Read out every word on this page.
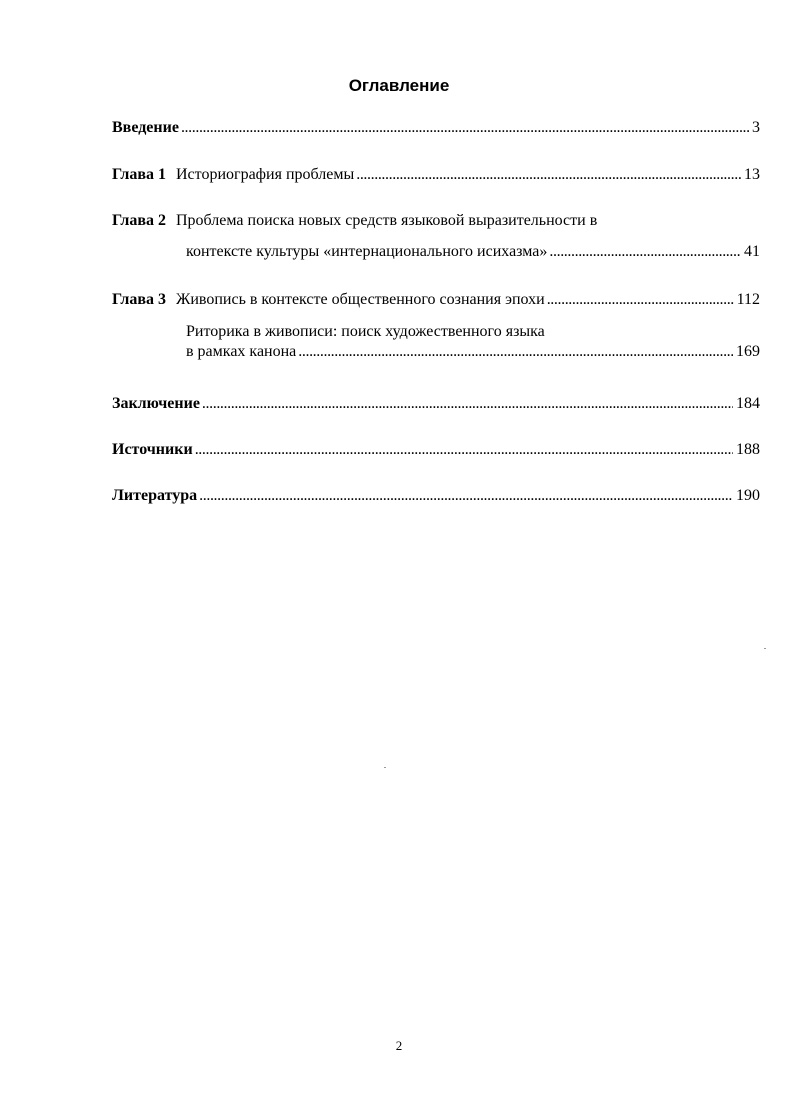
Оглавление
Введение . . .	3
Глава 1 Историография проблемы . . .	13
Глава 2 Проблема поиска новых средств языковой выразительности в
контексте культуры «интернационального исихазма» . . .	41
Глава 3 Живопись в контексте общественного сознания эпохи . . .	112
Риторика в живописи: поиск художественного языка
в рамках канона . . .	169
Заключение . . .	184
Источники . . .	188
Литература . . .	190
2
